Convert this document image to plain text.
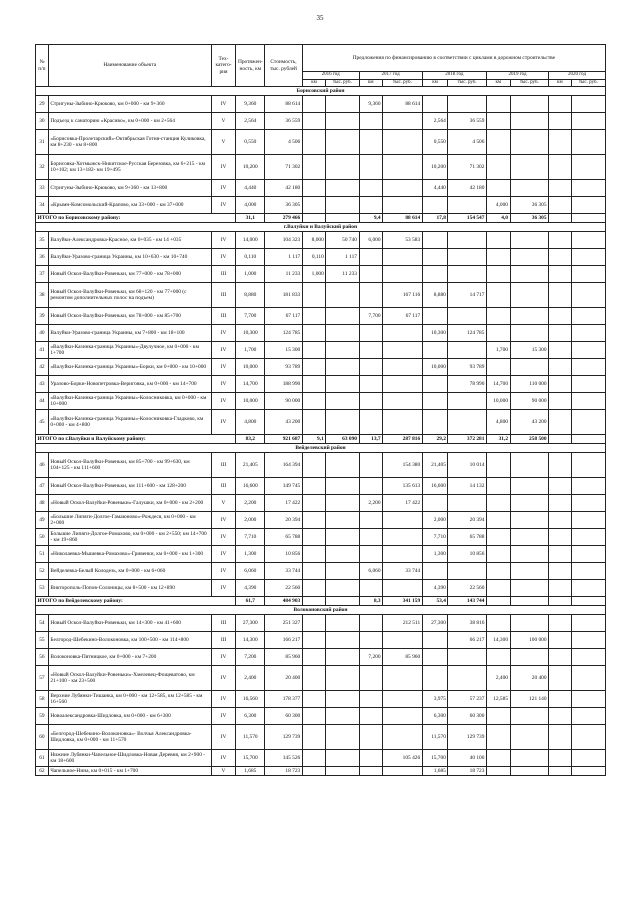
35
№ п/п	Наименование объекта	Тех-катего-рия	Протяжен-ность, км	Стоимость, тыс. рублей	Предложения по финансированию в соответствии с циклами в дорожном строительстве									
					2016 год		2017 год		2018 год		2019 год		2020 год	
					км	тыс. руб.	км	тыс. руб.	км	тыс. руб.	км	тыс. руб.	км	тыс. руб.
Борисовский район														
29	Стригуны-Зыбино-Крюково, км 0+000 - км 9+360	IV	9,360	88 614			9,360	88 614						
30	Подъезд к санаторию «Красиво», км 0+000 - км 2+564	V	2,564	36 559					2,564	36 559				
31	«Борисовка-Пролетарский»-Октябрьская Готня-станция Куликовка, км 8+230 - км 8+800	V	0,550	4 506					0,550	4 506				
32	Борисовка-Хотмыжск-Никитское-Русская Березовка, км 6+215 - км 10+102; км 13+182- км 19+495	IV	10,200	71 302					10,200	71 302				
33	Стригуны-Зыбино-Крюково, км 9+360 - км 13+800	IV	4,440	42 180					4,440	42 180				
34	«Крымн-Комсомольский-Крапово, км 33+000 - км 37+000	IV	4,000	36 305							4,000	36 305		
ИТОГО по Борисовскому району:			31,1	279 466			9,4	88 614	17,8	154 547	4,0	36 305		
г.Валуйки и Валуйский район														
35	Валуйки-Александровка-Красное, км 0+035 - км 14 +035	IV	14,000	104 323	8,000	50 740	6,000	53 583						
36	Валуйки-Уразово-граница Украины, км 10+630 - км 10+740	IV	0,110	1 117	0,110	1 117								
37	Новый Оскол-Валуйки-Ровеньки, км 77+000 - км 78+000	III	1,000	11 233	1,000	11 233								
38	Новый Оскол-Валуйки-Ровеньки, км 68+120 - км 77+000 (с ремонтом дополнительных полос на подъем)	III	8,880	181 833				167 116	8,880	14 717				
39	Новый Оскол-Валуйки-Ровеньки, км 78+000 - км 85+700	III	7,700	67 117			7,700	67 117						
40	Валуйки-Уразово-граница Украины, км 7+800 - км 18+100	IV	10,300	124 785					10,300	124 785				
41	«Валуйки-Казинка-граница Украины»-Двулучное, км 0+000 - км 1+700	IV	1,700	15 300							1,700	15 300		
42	«Валуйки-Казинка-граница Украины»-Борки, км 0+000 - км 10+000	IV	10,000	93 789					10,000	93 789				
43	Уразово-Борки-Новопетровка-Вериговка, км 0+000 - км 14+700	IV	14,700	188 990						78 990	14,700	110 000		
44	«Валуйки-Казинка-граница Украины»-Колосниковка, км 0+000 - км 10+000	IV	10,000	90 000							10,000	90 000		
45	«Валуйки-Казинка-граница Украины»-Колосниковка-Гладково, км 0+000 - км 4+800	IV	4,800	43 200							4,800	43 200		
ИТОГО по г.Валуйки и Валуйскому району:			83,2	921 687	9,1	63 090	13,7	287 816	29,2	372 281	31,2	258 500		
Вейделевский район														
46	Новый Оскол-Валуйки-Ровеньки, км 85+700 - км 99+630, км 104+125 - км 111+600	III	21,405	164 394				154 380	21,405	10 014				
47	Новый Оскол-Валуйки-Ровеньки, км 111+600 - км 128+200	III	16,600	149 745				135 613	16,600	14 132				
48	«Новый Оскол-Валуйки-Ровеньки»-Галушки, км 0+000 - км 2+200	V	2,200	17 422			2,200	17 422						
49	«Большие Липяги-Долгое-Гамаюново»-Рождеся, км 0+000 - км 2+000	IV	2,000	20 394					2,000	20 394				
50	Большие Липяги-Долгое-Ромахово, км 0+000 - км 2+550; км 14+700 - км 19+860	IV	7,710	65 788					7,710	65 788				
51	«Николаевка-Мышевка-Ромахово»-Гривенки, км 0+000 - км 1+300	IV	1,300	10 856					1,300	10 856				
52	Вейделевка-Белый Колодезь, км 0+000 - км 6+060	IV	6,060	33 744			6,060	33 744						
53	Викторополь-Попов-Солоницы, км 8+500 - км 12+890	IV	4,390	22 560					4,390	22 560				
ИТОГО по Вейделевскому району:			61,7	484 903			8,3	341 159	53,4	143 744				
Волоконовский район														
54	Новый Оскол-Валуйки-Ровеньки, км 14+300 - км 41+600	III	27,300	251 327				212 511	27,300	38 816				
55	Белгород-Шебекино-Волоконовка, км 100+500 - км 114+800	III	14,300	166 217						66 217	14,300	100 000		
56	Волоконовка-Пятницкое, км 0+000 - км 7+200	IV	7,200	85 960			7,200	85 960						
57	«Новый Оскол-Валуйки-Ровеньки»-Хмелевец-Фощеватово, км 21+100 - км 23+500	IV	2,400	20 400							2,400	20 400		
58	Верхние Лубянки-Тишанка, км 0+000 - км 12+585, км 12+585 - км 16+560	IV	16,560	178 377					3,975	57 237	12,585	121 140		
59	Новоалександровка-Шидловка, км 0+000 - км 6+300	IV	6,300	60 300					6,300	60 300				
60	«Белгород-Шебекино-Волоконовка»- Волчья Александровка-Шидловка, км 0+000 - км 11+570	IV	11,570	129 739					11,570	129 739				
61	Нижние Лубянки-Чапельное-Шидловка-Новая Деревня, км 2+900 - км 18+600	IV	15,700	145 526				105 426	15,700	40 100				
62	Чапельное-Нина, км 0+015 - км 1+700	V	1,685	18 723					1,685	18 723				
